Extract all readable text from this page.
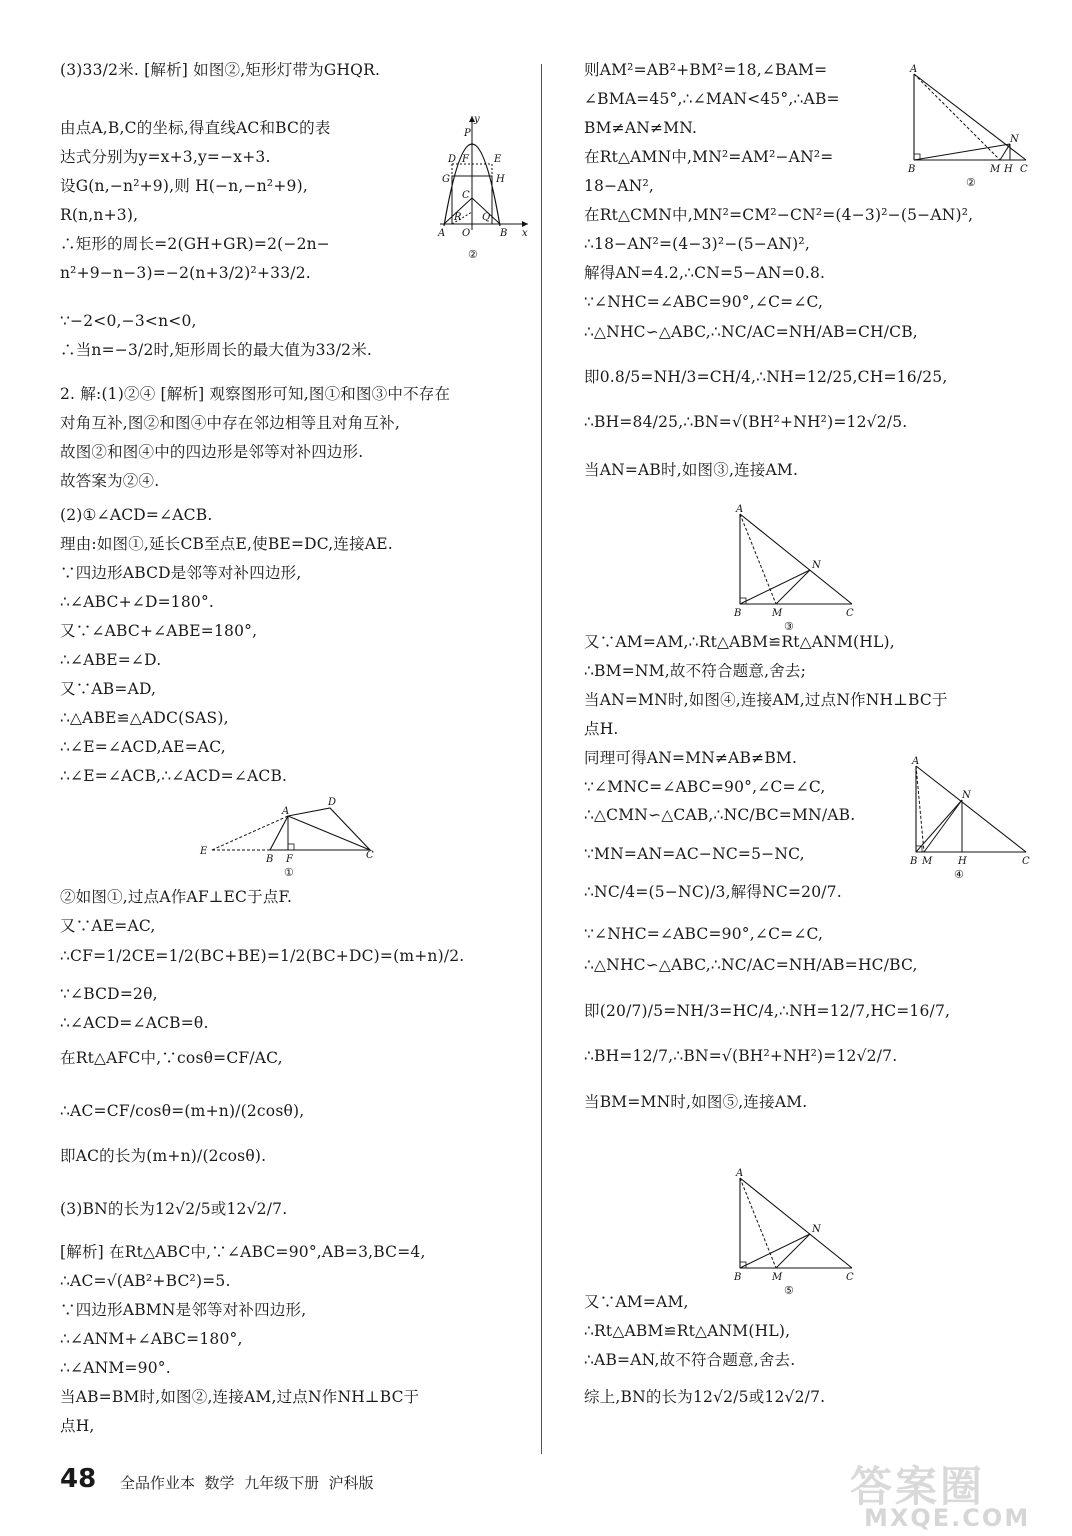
(3)33/2米. [解析] 如图②,矩形灯带为GHQR.
由点A,B,C的坐标,得直线AC和BC的表
达式分别为y=x+3,y=−x+3.
设G(n,−n²+9),则 H(−n,−n²+9),
R(n,n+3),
∴矩形的周长=2(GH+GR)=2(−2n−
n²+9−n−3)=−2(n+3/2)²+33/2.
∵−2<0,−3<n<0,
∴当n=−3/2时,矩形周长的最大值为33/2米.
2. 解:(1)②④ [解析] 观察图形可知,图①和图③中不存在
对角互补,图②和图④中存在邻边相等且对角互补,
故图②和图④中的四边形是邻等对补四边形.
故答案为②④.
(2)①∠ACD=∠ACB.
理由:如图①,延长CB至点E,使BE=DC,连接AE.
∵四边形ABCD是邻等对补四边形,
∴∠ABC+∠D=180°.
又∵∠ABC+∠ABE=180°,
∴∠ABE=∠D.
又∵AB=AD,
∴△ABE≌△ADC(SAS),
∴∠E=∠ACD,AE=AC,
∴∠E=∠ACB,∴∠ACD=∠ACB.
②如图①,过点A作AF⊥EC于点F.
又∵AE=AC,
∴CF=1/2CE=1/2(BC+BE)=1/2(BC+DC)=(m+n)/2.
∵∠BCD=2θ,
∴∠ACD=∠ACB=θ.
在Rt△AFC中,∵cosθ=CF/AC,
∴AC=CF/cosθ=(m+n)/(2cosθ),
即AC的长为(m+n)/(2cosθ).
(3)BN的长为12√2/5或12√2/7.
[解析] 在Rt△ABC中,∵∠ABC=90°,AB=3,BC=4,
∴AC=√(AB²+BC²)=5.
∵四边形ABMN是邻等对补四边形,
∴∠ANM+∠ABC=180°,
∴∠ANM=90°.
当AB=BM时,如图②,连接AM,过点N作NH⊥BC于
点H,
则AM²=AB²+BM²=18,∠BAM=
∠BMA=45°,∴∠MAN<45°,∴AB=
BM≠AN≠MN.
在Rt△AMN中,MN²=AM²−AN²=
18−AN²,
在Rt△CMN中,MN²=CM²−CN²=(4−3)²−(5−AN)²,
∴18−AN²=(4−3)²−(5−AN)²,
解得AN=4.2,∴CN=5−AN=0.8.
∵∠NHC=∠ABC=90°,∠C=∠C,
∴△NHC∽△ABC,∴NC/AC=NH/AB=CH/CB,
即0.8/5=NH/3=CH/4,∴NH=12/25,CH=16/25,
∴BH=84/25,∴BN=√(BH²+NH²)=12√2/5.
当AN=AB时,如图③,连接AM.
又∵AM=AM,∴Rt△ABM≌Rt△ANM(HL),
∴BM=NM,故不符合题意,舍去;
当AN=MN时,如图④,连接AM,过点N作NH⊥BC于
点H.
同理可得AN=MN≠AB≠BM.
∵∠MNC=∠ABC=90°,∠C=∠C,
∴△CMN∽△CAB,∴NC/BC=MN/AB.
∵MN=AN=AC−NC=5−NC,
∴NC/4=(5−NC)/3,解得NC=20/7.
∵∠NHC=∠ABC=90°,∠C=∠C,
∴△NHC∽△ABC,∴NC/AC=NH/AB=HC/BC,
即(20/7)/5=NH/3=HC/4,∴NH=12/7,HC=16/7,
∴BH=12/7,∴BN=√(BH²+NH²)=12√2/7.
当BM=MN时,如图⑤,连接AM.
又∵AM=AM,
∴Rt△ABM≌Rt△ANM(HL),
∴AB=AN,故不符合题意,舍去.
综上,BN的长为12√2/5或12√2/7.
y
P
D F	E
G	H
C
R Q
A O	B x
②
A
D
E
B F	C
①
A
N
B	M H C
②
A
N
B	M	C
③
A
N
B M	H	C
④
A
N
B	M	C
⑤
48 全品作业本  数学  九年级下册  沪科版	答案圈
MXQE.COM
